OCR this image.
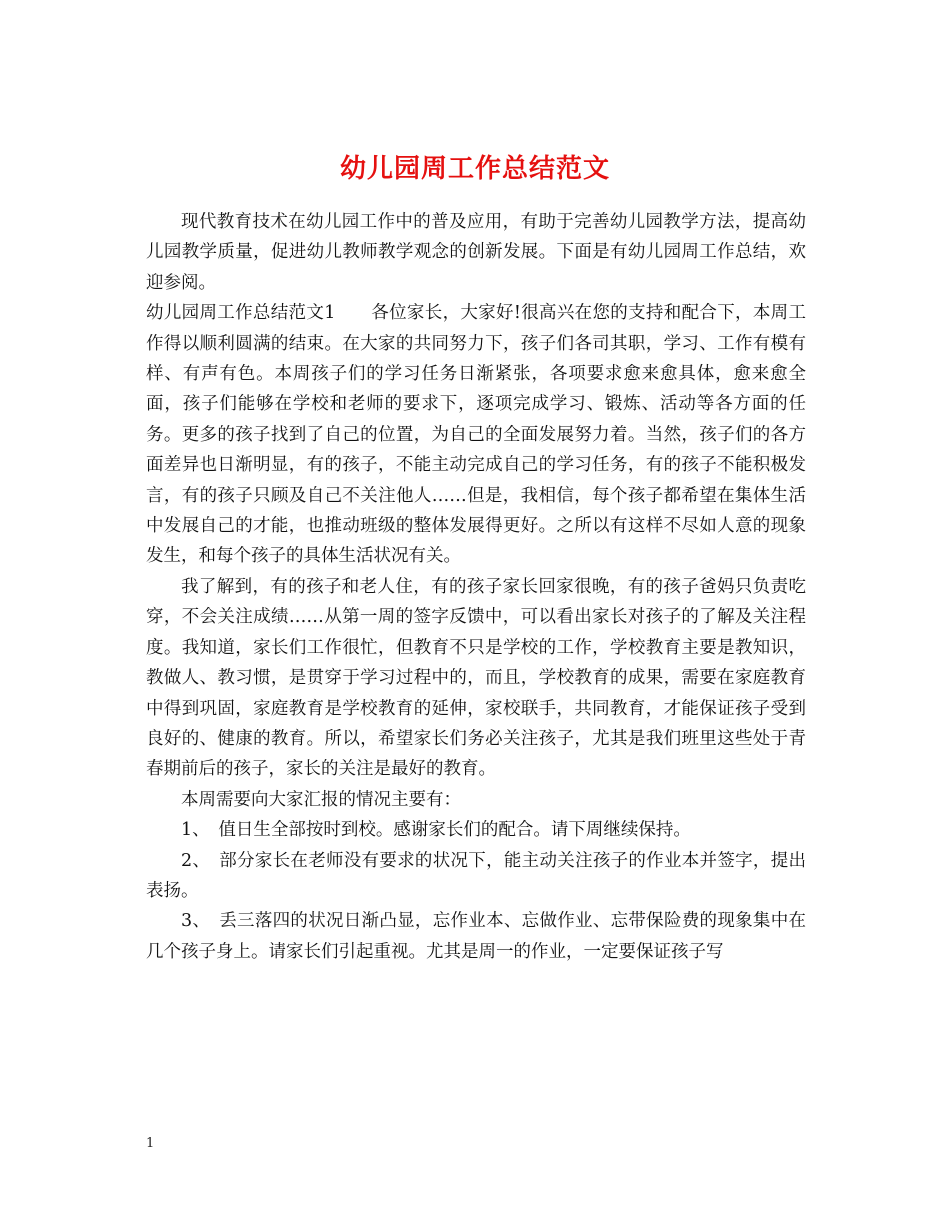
幼儿园周工作总结范文

现代教育技术在幼儿园工作中的普及应用，有助于完善幼儿园教学方法，提高幼儿园教学质量，促进幼儿教师教学观念的创新发展。下面是有幼儿园周工作总结，欢迎参阅。

幼儿园周工作总结范文1　　各位家长，大家好!很高兴在您的支持和配合下，本周工作得以顺利圆满的结束。在大家的共同努力下，孩子们各司其职，学习、工作有模有样、有声有色。本周孩子们的学习任务日渐紧张，各项要求愈来愈具体，愈来愈全面，孩子们能够在学校和老师的要求下，逐项完成学习、锻炼、活动等各方面的任务。更多的孩子找到了自己的位置，为自己的全面发展努力着。当然，孩子们的各方面差异也日渐明显，有的孩子，不能主动完成自己的学习任务，有的孩子不能积极发言，有的孩子只顾及自己不关注他人……但是，我相信，每个孩子都希望在集体生活中发展自己的才能，也推动班级的整体发展得更好。之所以有这样不尽如人意的现象发生，和每个孩子的具体生活状况有关。

我了解到，有的孩子和老人住，有的孩子家长回家很晚，有的孩子爸妈只负责吃穿，不会关注成绩……从第一周的签字反馈中，可以看出家长对孩子的了解及关注程度。我知道，家长们工作很忙，但教育不只是学校的工作，学校教育主要是教知识，教做人、教习惯，是贯穿于学习过程中的，而且，学校教育的成果，需要在家庭教育中得到巩固，家庭教育是学校教育的延伸，家校联手，共同教育，才能保证孩子受到良好的、健康的教育。所以，希望家长们务必关注孩子，尤其是我们班里这些处于青春期前后的孩子，家长的关注是最好的教育。

本周需要向大家汇报的情况主要有：

1、　值日生全部按时到校。感谢家长们的配合。请下周继续保持。

2、　部分家长在老师没有要求的状况下，能主动关注孩子的作业本并签字，提出表扬。

3、　丢三落四的状况日渐凸显，忘作业本、忘做作业、忘带保险费的现象集中在几个孩子身上。请家长们引起重视。尤其是周一的作业，一定要保证孩子写

1
